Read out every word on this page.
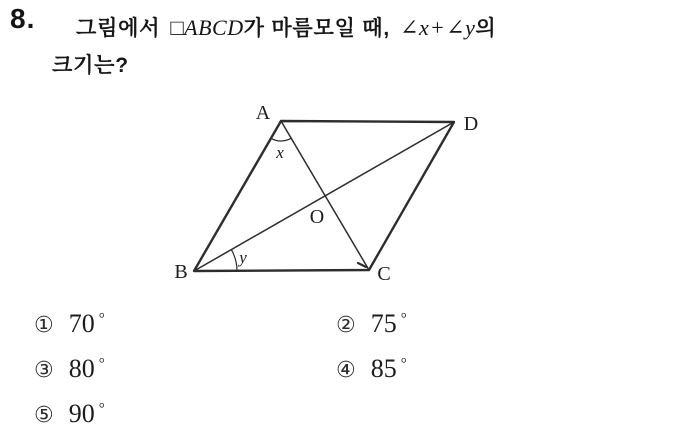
8. 그림에서 □ABCD가 마름모일 때, ∠x+∠y의
크기는?
A	D
B	C
O
x
y
① 70 °	② 75 °
③ 80 °	④ 85 °
⑤ 90 °
